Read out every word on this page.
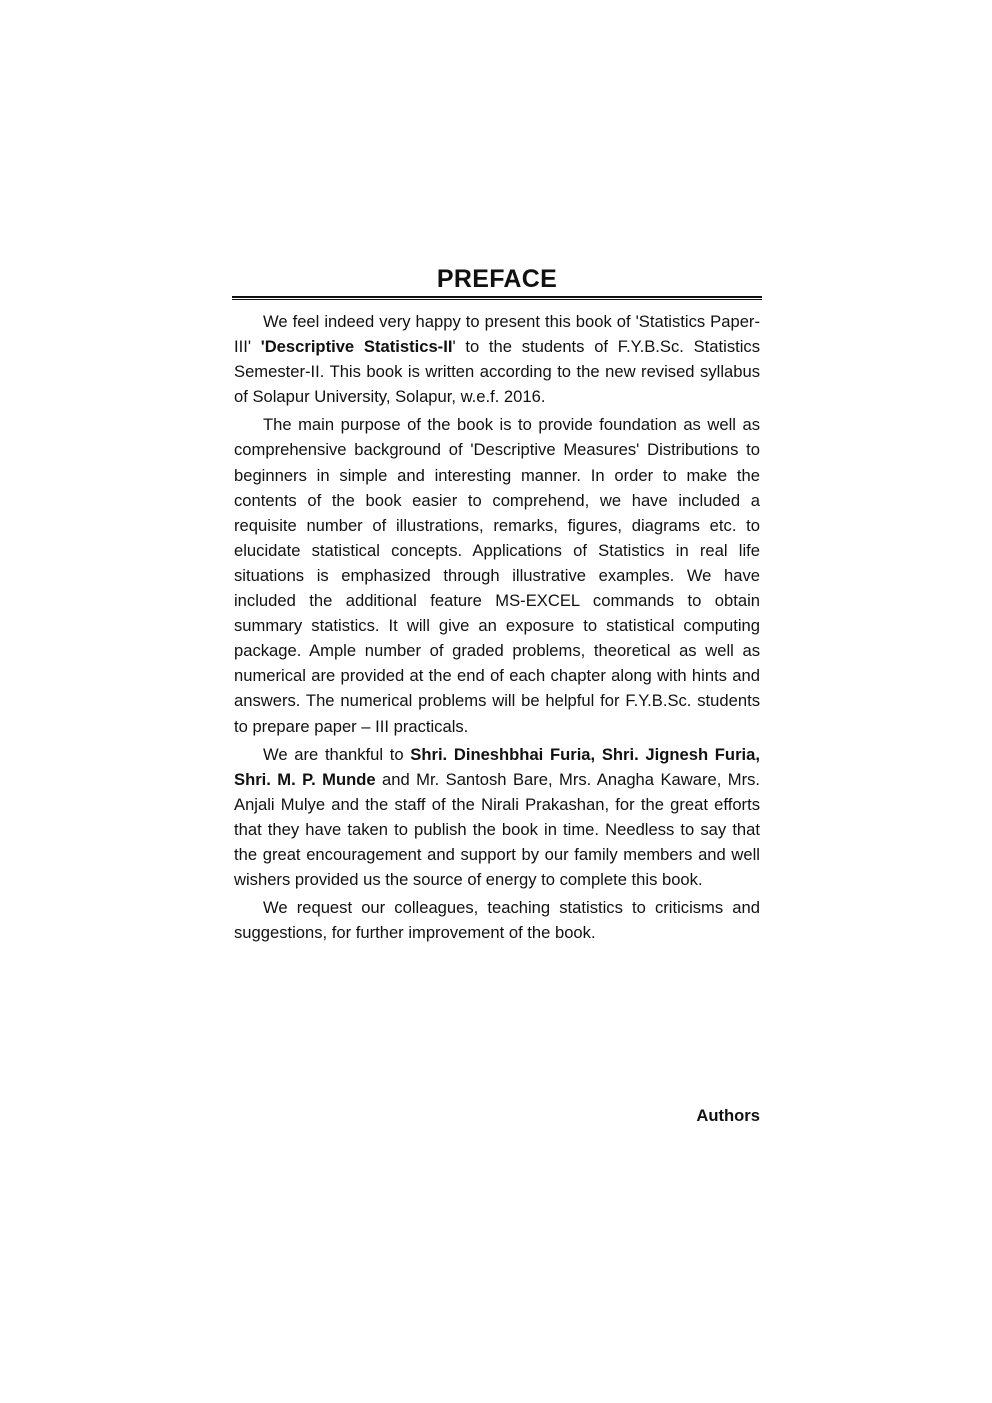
PREFACE

We feel indeed very happy to present this book of 'Statistics Paper-III' 'Descriptive Statistics-II' to the students of F.Y.B.Sc. Statistics Semester-II. This book is written according to the new revised syllabus of Solapur University, Solapur, w.e.f. 2016.

The main purpose of the book is to provide foundation as well as comprehensive background of 'Descriptive Measures' Distributions to beginners in simple and interesting manner. In order to make the contents of the book easier to comprehend, we have included a requisite number of illustrations, remarks, figures, diagrams etc. to elucidate statistical concepts. Applications of Statistics in real life situations is emphasized through illustrative examples. We have included the additional feature MS-EXCEL commands to obtain summary statistics. It will give an exposure to statistical computing package. Ample number of graded problems, theoretical as well as numerical are provided at the end of each chapter along with hints and answers. The numerical problems will be helpful for F.Y.B.Sc. students to prepare paper – III practicals.

We are thankful to Shri. Dineshbhai Furia, Shri. Jignesh Furia, Shri. M. P. Munde and Mr. Santosh Bare, Mrs. Anagha Kaware, Mrs. Anjali Mulye and the staff of the Nirali Prakashan, for the great efforts that they have taken to publish the book in time. Needless to say that the great encouragement and support by our family members and well wishers provided us the source of energy to complete this book.

We request our colleagues, teaching statistics to criticisms and suggestions, for further improvement of the book.

Authors
